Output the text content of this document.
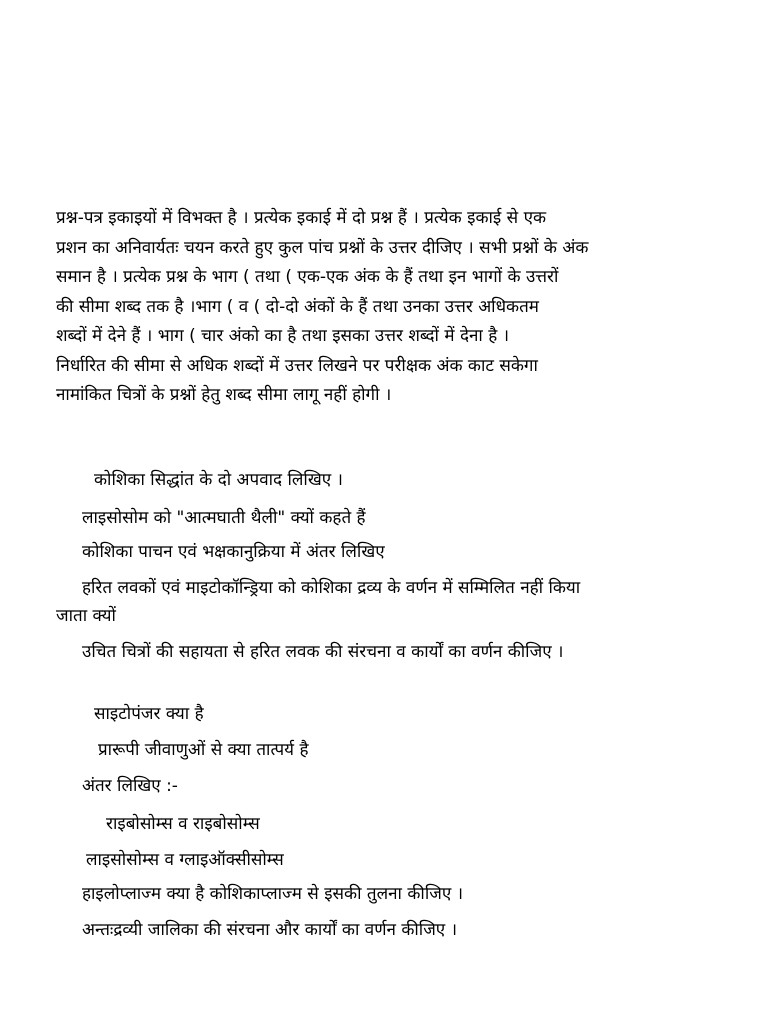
प्रश्न-पत्र इकाइयों में विभक्त है । प्रत्येक इकाई में दो प्रश्न हैं । प्रत्येक इकाई से एक
प्रशन का अनिवार्यतः चयन करते हुए कुल पांच प्रश्नों के उत्तर दीजिए । सभी प्रश्नों के अंक
समान है । प्रत्येक प्रश्न के भाग ( तथा ( एक-एक अंक के हैं तथा इन भागों के उत्तरों
की सीमा शब्द तक है ।भाग ( व ( दो-दो अंकों के हैं तथा उनका उत्तर अधिकतम
शब्दों में देने हैं । भाग ( चार अंको का है तथा इसका उत्तर शब्दों में देना है ।
निर्धारित की सीमा से अधिक शब्दों में उत्तर लिखने पर परीक्षक अंक काट सकेगा
नामांकित चित्रों के प्रश्नों हेतु शब्द सीमा लागू नहीं होगी ।
कोशिका सिद्धांत के दो अपवाद लिखिए ।
लाइसोसोम को "आत्मघाती थैली" क्यों कहते हैं
कोशिका पाचन एवं भक्षकानुक्रिया में अंतर लिखिए
हरित लवकों एवं माइटोकॉन्ड्रिया को कोशिका द्रव्य के वर्णन में सम्मिलित नहीं किया
जाता क्यों
उचित चित्रों की सहायता से हरित लवक की संरचना व कार्यों का वर्णन कीजिए ।
साइटोपंजर क्या है
प्रारूपी जीवाणुओं से क्या तात्पर्य है
अंतर लिखिए :-
राइबोसोम्स व राइबोसोम्स
लाइसोसोम्स व ग्लाइऑक्सीसोम्स
हाइलोप्लाज्म क्या है कोशिकाप्लाज्म से इसकी तुलना कीजिए ।
अन्तःद्रव्यी जालिका की संरचना और कार्यों का वर्णन कीजिए ।
